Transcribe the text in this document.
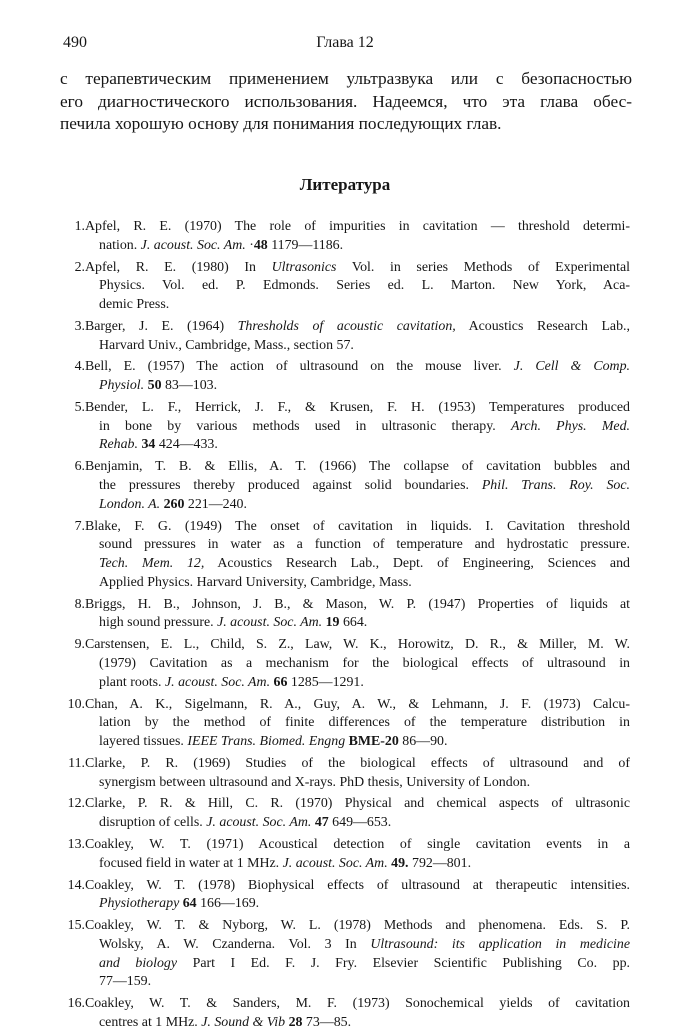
490	Глава 12
с терапевтическим применением ультразвука или с безопасностью
его диагностического использования. Надеемся, что эта глава обес-
печила хорошую основу для понимания последующих глав.
Литература
1. Apfel, R. E. (1970) The role of impurities in cavitation — threshold determi-
nation. J. acoust. Soc. Am. ·48 1179—1186.
2. Apfel, R. E. (1980) In Ultrasonics Vol. in series Methods of Experimental
Physics. Vol. ed. P. Edmonds. Series ed. L. Marton. New York, Aca-
demic Press.
3. Barger, J. E. (1964) Thresholds of acoustic cavitation, Acoustics Research Lab.,
Harvard Univ., Cambridge, Mass., section 57.
4. Bell, E. (1957) The action of ultrasound on the mouse liver. J. Cell & Comp.
Physiol. 50 83—103.
5. Bender, L. F., Herrick, J. F., & Krusen, F. H. (1953) Temperatures produced
in bone by various methods used in ultrasonic therapy. Arch. Phys. Med.
Rehab. 34 424—433.
6. Benjamin, T. B. & Ellis, A. T. (1966) The collapse of cavitation bubbles and
the pressures thereby produced against solid boundaries. Phil. Trans. Roy. Soc.
London. A. 260 221—240.
7. Blake, F. G. (1949) The onset of cavitation in liquids. I. Cavitation threshold
sound pressures in water as a function of temperature and hydrostatic pressure.
Tech. Mem. 12, Acoustics Research Lab., Dept. of Engineering, Sciences and
Applied Physics. Harvard University, Cambridge, Mass.
8. Briggs, H. B., Johnson, J. B., & Mason, W. P. (1947) Properties of liquids at
high sound pressure. J. acoust. Soc. Am. 19 664.
9. Carstensen, E. L., Child, S. Z., Law, W. K., Horowitz, D. R., & Miller, M. W.
(1979) Cavitation as a mechanism for the biological effects of ultrasound in
plant roots. J. acoust. Soc. Am. 66 1285—1291.
10. Chan, A. K., Sigelmann, R. A., Guy, A. W., & Lehmann, J. F. (1973) Calcu-
lation by the method of finite differences of the temperature distribution in
layered tissues. IEEE Trans. Biomed. Engng BME-20 86—90.
11. Clarke, P. R. (1969) Studies of the biological effects of ultrasound and of
synergism between ultrasound and X-rays. PhD thesis, University of London.
12. Clarke, P. R. & Hill, C. R. (1970) Physical and chemical aspects of ultrasonic
disruption of cells. J. acoust. Soc. Am. 47 649—653.
13. Coakley, W. T. (1971) Acoustical detection of single cavitation events in a
focused field in water at 1 MHz. J. acoust. Soc. Am. 49. 792—801.
14. Coakley, W. T. (1978) Biophysical effects of ultrasound at therapeutic intensities.
Physiotherapy 64 166—169.
15. Coakley, W. T. & Nyborg, W. L. (1978) Methods and phenomena. Eds. S. P.
Wolsky, A. W. Czanderna. Vol. 3 In Ultrasound: its application in medicine
and biology Part I Ed. F. J. Fry. Elsevier Scientific Publishing Co. pp.
77—159.
16. Coakley, W. T. & Sanders, M. F. (1973) Sonochemical yields of cavitation
centres at 1 MHz. J. Sound & Vib 28 73—85.
